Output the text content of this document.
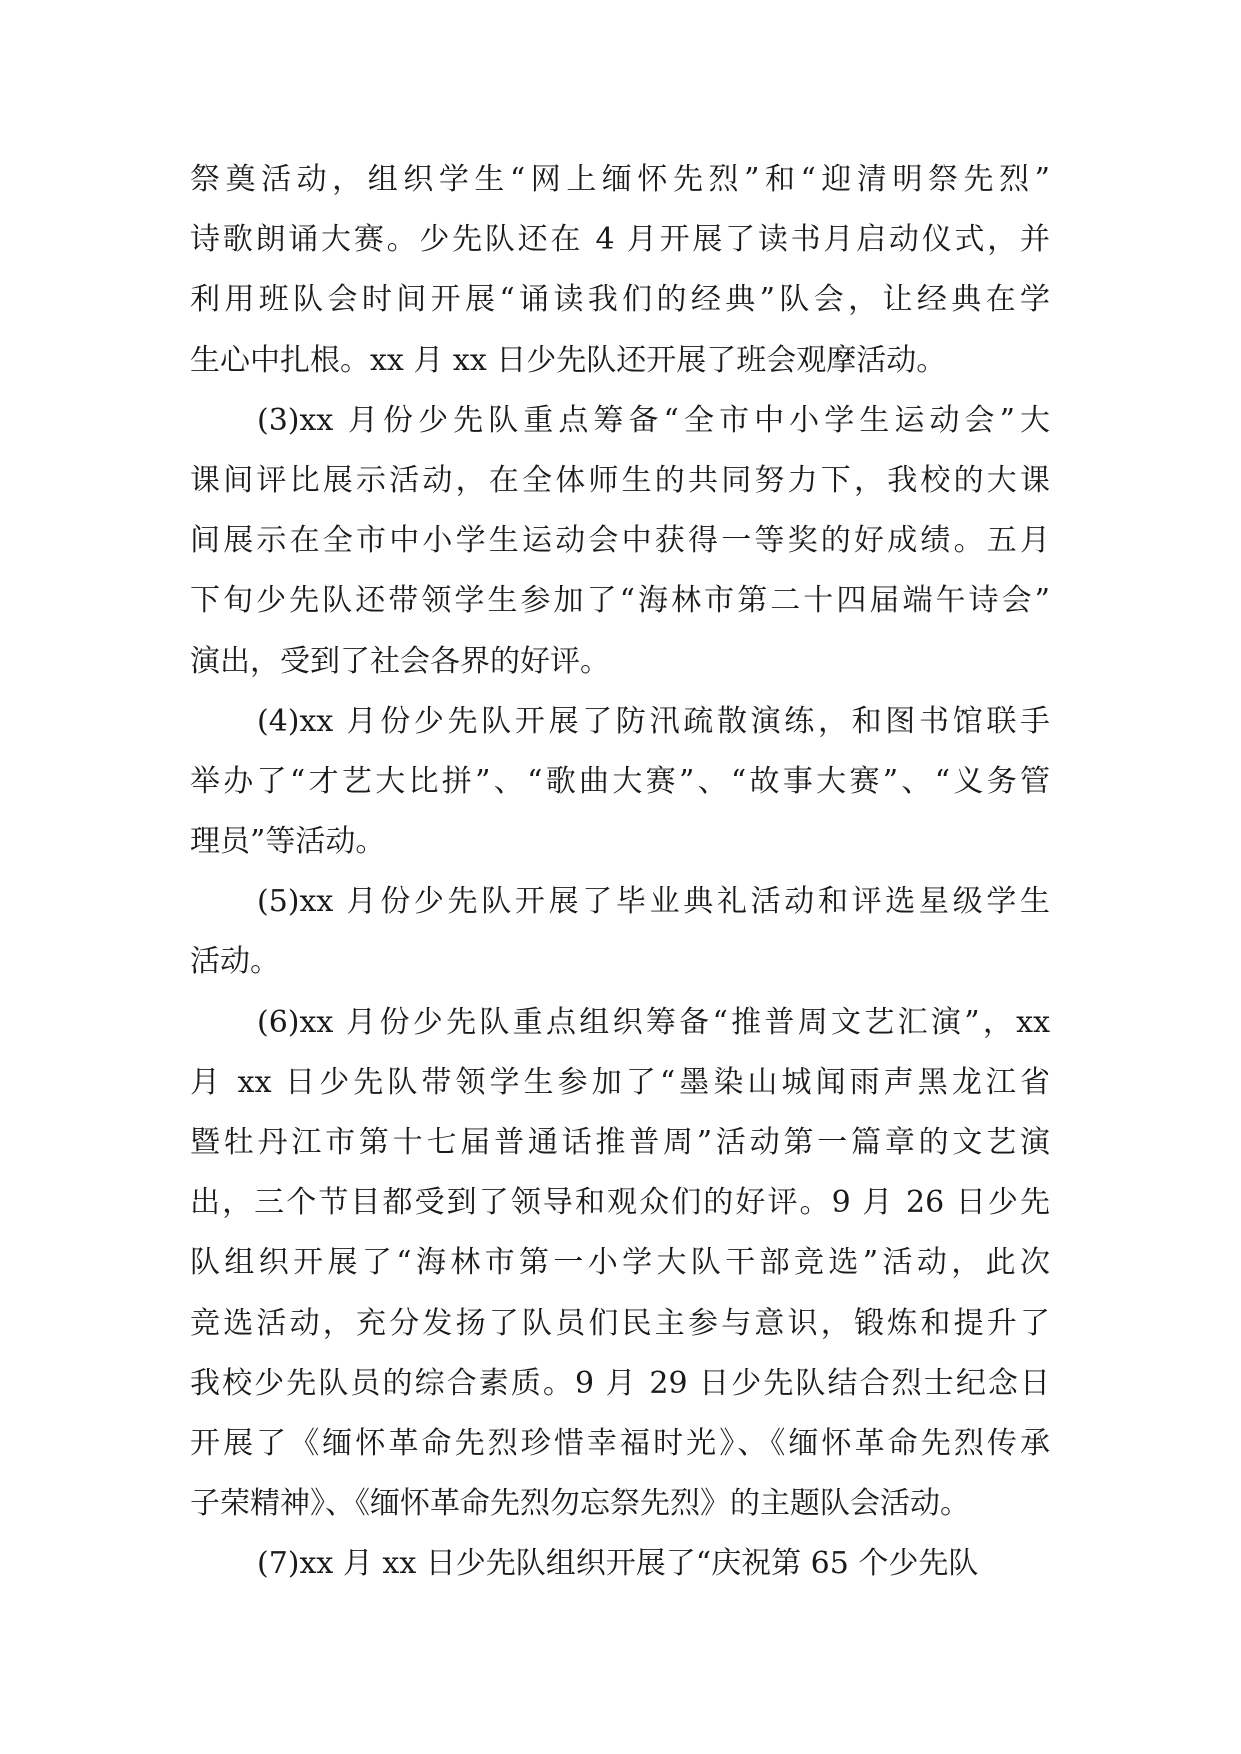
祭奠活动，组织学生“网上缅怀先烈”和“迎清明祭先烈”
诗歌朗诵大赛。少先队还在 4 月开展了读书月启动仪式，并
利用班队会时间开展“诵读我们的经典”队会，让经典在学
生心中扎根。xx 月 xx 日少先队还开展了班会观摩活动。
(3)xx 月份少先队重点筹备“全市中小学生运动会”大
课间评比展示活动，在全体师生的共同努力下，我校的大课
间展示在全市中小学生运动会中获得一等奖的好成绩。五月
下旬少先队还带领学生参加了“海林市第二十四届端午诗会”
演出，受到了社会各界的好评。
(4)xx 月份少先队开展了防汛疏散演练，和图书馆联手
举办了“才艺大比拼”、“歌曲大赛”、“故事大赛”、“义务管
理员”等活动。
(5)xx 月份少先队开展了毕业典礼活动和评选星级学生
活动。
(6)xx 月份少先队重点组织筹备“推普周文艺汇演”，xx
月 xx 日少先队带领学生参加了“墨染山城闻雨声黑龙江省
暨牡丹江市第十七届普通话推普周”活动第一篇章的文艺演
出，三个节目都受到了领导和观众们的好评。9 月 26 日少先
队组织开展了“海林市第一小学大队干部竞选”活动，此次
竞选活动，充分发扬了队员们民主参与意识，锻炼和提升了
我校少先队员的综合素质。9 月 29 日少先队结合烈士纪念日
开展了《缅怀革命先烈珍惜幸福时光》、《缅怀革命先烈传承
子荣精神》、《缅怀革命先烈勿忘祭先烈》的主题队会活动。
(7)xx 月 xx 日少先队组织开展了“庆祝第 65 个少先队
